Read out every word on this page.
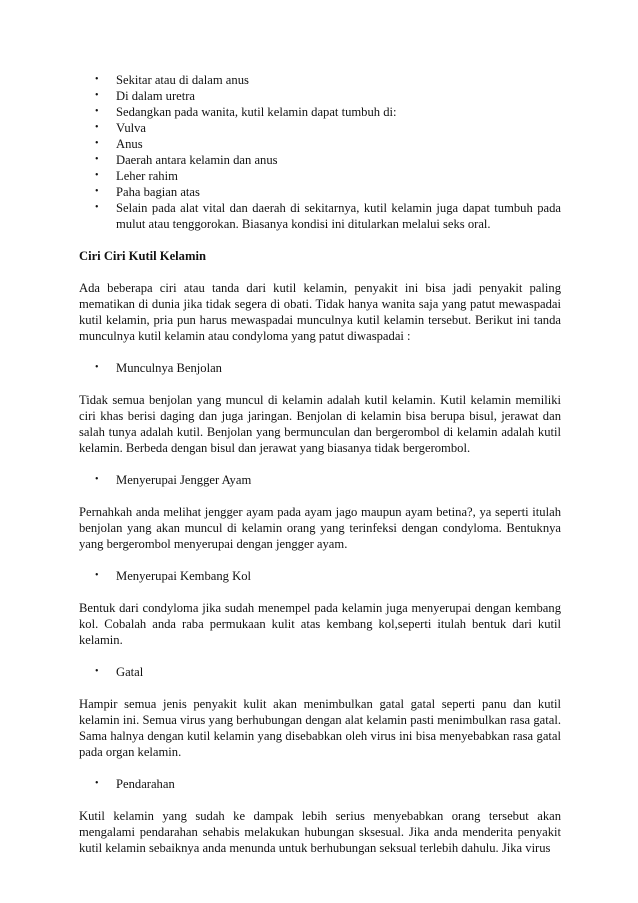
• Sekitar atau di dalam anus
• Di dalam uretra
• Sedangkan pada wanita, kutil kelamin dapat tumbuh di:
• Vulva
• Anus
• Daerah antara kelamin dan anus
• Leher rahim
• Paha bagian atas
• Selain pada alat vital dan daerah di sekitarnya, kutil kelamin juga dapat tumbuh pada mulut atau tenggorokan. Biasanya kondisi ini ditularkan melalui seks oral.
Ciri Ciri Kutil Kelamin

Ada beberapa ciri atau tanda dari kutil kelamin, penyakit ini bisa jadi penyakit paling mematikan di dunia jika tidak segera di obati. Tidak hanya wanita saja yang patut mewaspadai kutil kelamin, pria pun harus mewaspadai munculnya kutil kelamin tersebut. Berikut ini tanda munculnya kutil kelamin atau condyloma yang patut diwaspadai :

• Munculnya Benjolan

Tidak semua benjolan yang muncul di kelamin adalah kutil kelamin. Kutil kelamin memiliki ciri khas berisi daging dan juga jaringan. Benjolan di kelamin bisa berupa bisul, jerawat dan salah tunya adalah kutil. Benjolan yang bermunculan dan bergerombol di kelamin adalah kutil kelamin. Berbeda dengan bisul dan jerawat yang biasanya tidak bergerombol.

• Menyerupai Jengger Ayam

Pernahkah anda melihat jengger ayam pada ayam jago maupun ayam betina?, ya seperti itulah benjolan yang akan muncul di kelamin orang yang terinfeksi dengan condyloma. Bentuknya yang bergerombol menyerupai dengan jengger ayam.

• Menyerupai Kembang Kol

Bentuk dari condyloma jika sudah menempel pada kelamin juga menyerupai dengan kembang kol. Cobalah anda raba permukaan kulit atas kembang kol,seperti itulah bentuk dari kutil kelamin.

• Gatal

Hampir semua jenis penyakit kulit akan menimbulkan gatal gatal seperti panu dan kutil kelamin ini. Semua virus yang berhubungan dengan alat kelamin pasti menimbulkan rasa gatal. Sama halnya dengan kutil kelamin yang disebabkan oleh virus ini bisa menyebabkan rasa gatal pada organ kelamin.

• Pendarahan

Kutil kelamin yang sudah ke dampak lebih serius menyebabkan orang tersebut akan mengalami pendarahan sehabis melakukan hubungan sksesual. Jika anda menderita penyakit kutil kelamin sebaiknya anda menunda untuk berhubungan seksual terlebih dahulu. Jika virus
